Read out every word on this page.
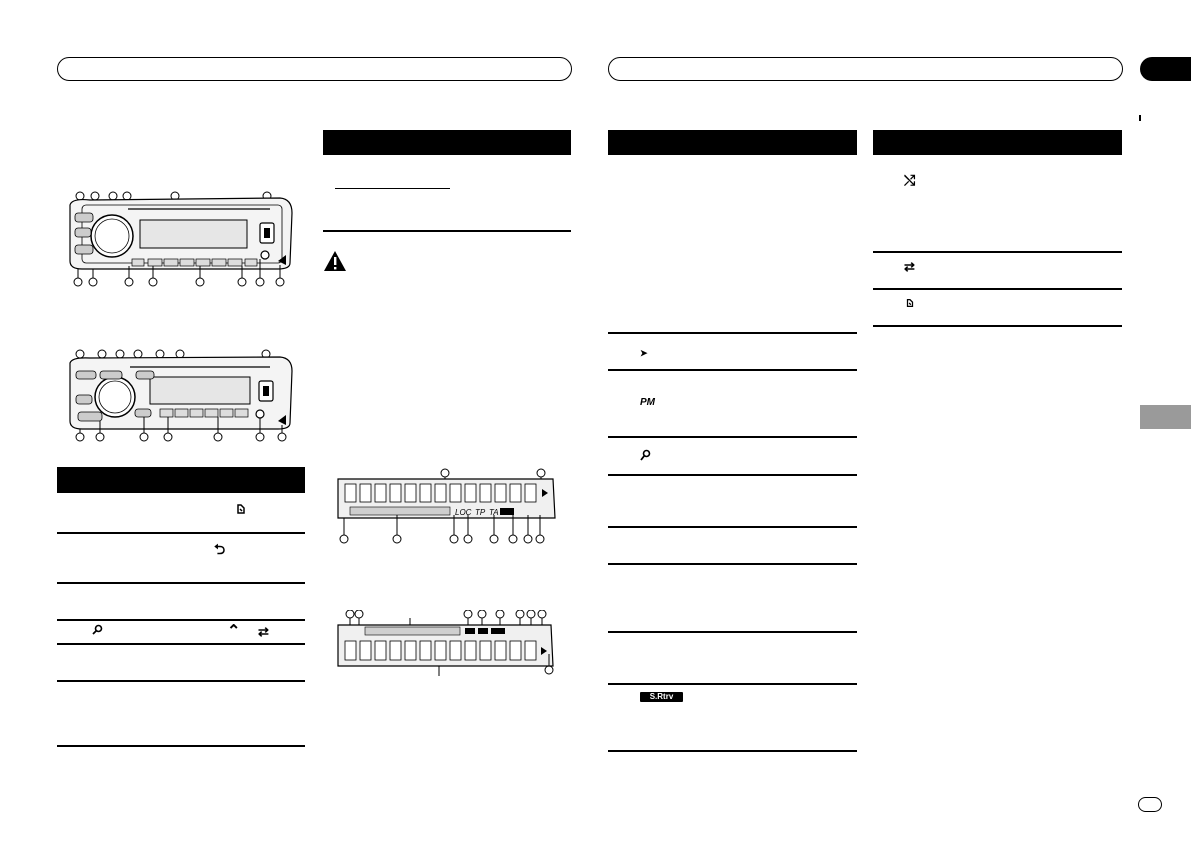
⮌
⌃ ⇄
LOC TP TA
➤
PM
S.Rtrv
⤭
⇄
